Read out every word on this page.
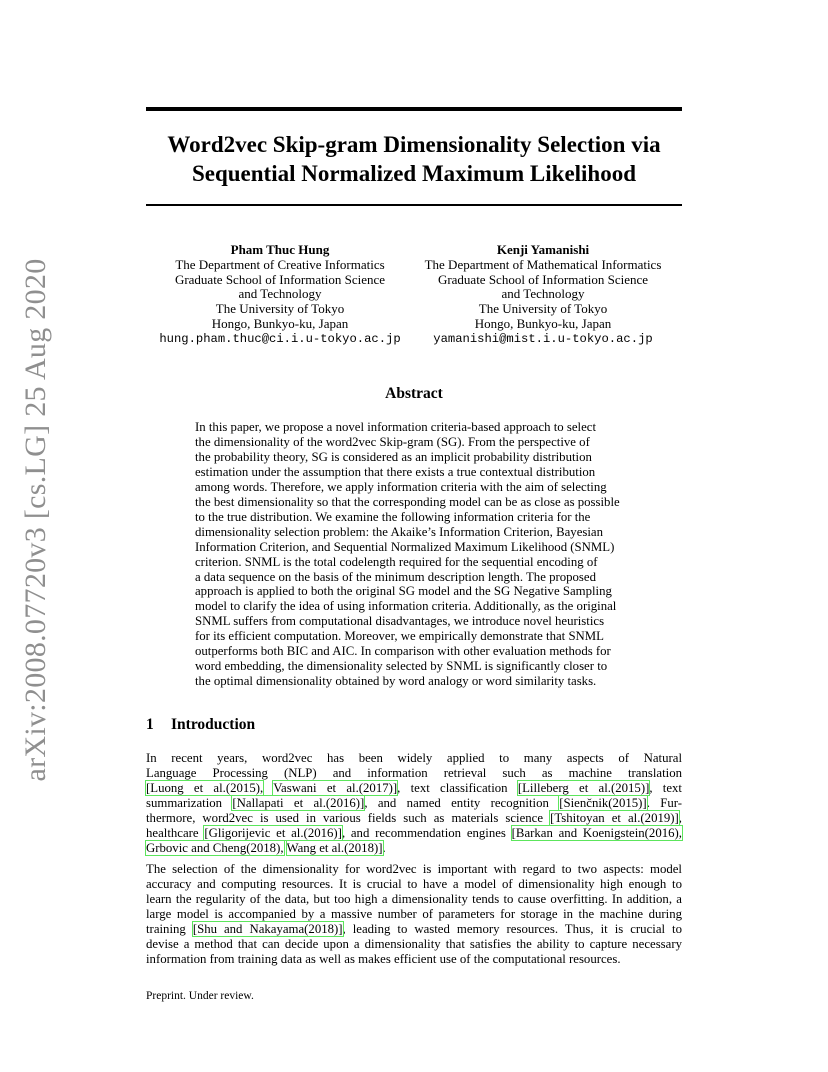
arXiv:2008.07720v3 [cs.LG] 25 Aug 2020
Word2vec Skip-gram Dimensionality Selection via
Sequential Normalized Maximum Likelihood
Pham Thuc Hung
The Department of Creative Informatics
Graduate School of Information Science
and Technology
The University of Tokyo
Hongo, Bunkyo-ku, Japan
hung.pham.thuc@ci.i.u-tokyo.ac.jp
Kenji Yamanishi
The Department of Mathematical Informatics
Graduate School of Information Science
and Technology
The University of Tokyo
Hongo, Bunkyo-ku, Japan
yamanishi@mist.i.u-tokyo.ac.jp
Abstract
In this paper, we propose a novel information criteria-based approach to select
the dimensionality of the word2vec Skip-gram (SG). From the perspective of
the probability theory, SG is considered as an implicit probability distribution
estimation under the assumption that there exists a true contextual distribution
among words. Therefore, we apply information criteria with the aim of selecting
the best dimensionality so that the corresponding model can be as close as possible
to the true distribution. We examine the following information criteria for the
dimensionality selection problem: the Akaike’s Information Criterion, Bayesian
Information Criterion, and Sequential Normalized Maximum Likelihood (SNML)
criterion. SNML is the total codelength required for the sequential encoding of
a data sequence on the basis of the minimum description length. The proposed
approach is applied to both the original SG model and the SG Negative Sampling
model to clarify the idea of using information criteria. Additionally, as the original
SNML suffers from computational disadvantages, we introduce novel heuristics
for its efficient computation. Moreover, we empirically demonstrate that SNML
outperforms both BIC and AIC. In comparison with other evaluation methods for
word embedding, the dimensionality selected by SNML is significantly closer to
the optimal dimensionality obtained by word analogy or word similarity tasks.
1 Introduction
In recent years, word2vec has been widely applied to many aspects of Natural
Language Processing (NLP) and information retrieval such as machine translation
[Luong et al.(2015), Vaswani et al.(2017)], text classification [Lilleberg et al.(2015)], text
summarization [Nallapati et al.(2016)], and named entity recognition [Sienčnik(2015)]. Fur-
thermore, word2vec is used in various fields such as materials science [Tshitoyan et al.(2019)],
healthcare [Gligorijevic et al.(2016)], and recommendation engines [Barkan and Koenigstein(2016),
Grbovic and Cheng(2018), Wang et al.(2018)].
The selection of the dimensionality for word2vec is important with regard to two aspects: model
accuracy and computing resources. It is crucial to have a model of dimensionality high enough to
learn the regularity of the data, but too high a dimensionality tends to cause overfitting. In addition, a
large model is accompanied by a massive number of parameters for storage in the machine during
training [Shu and Nakayama(2018)], leading to wasted memory resources. Thus, it is crucial to
devise a method that can decide upon a dimensionality that satisfies the ability to capture necessary
information from training data as well as makes efficient use of the computational resources.
Preprint. Under review.
